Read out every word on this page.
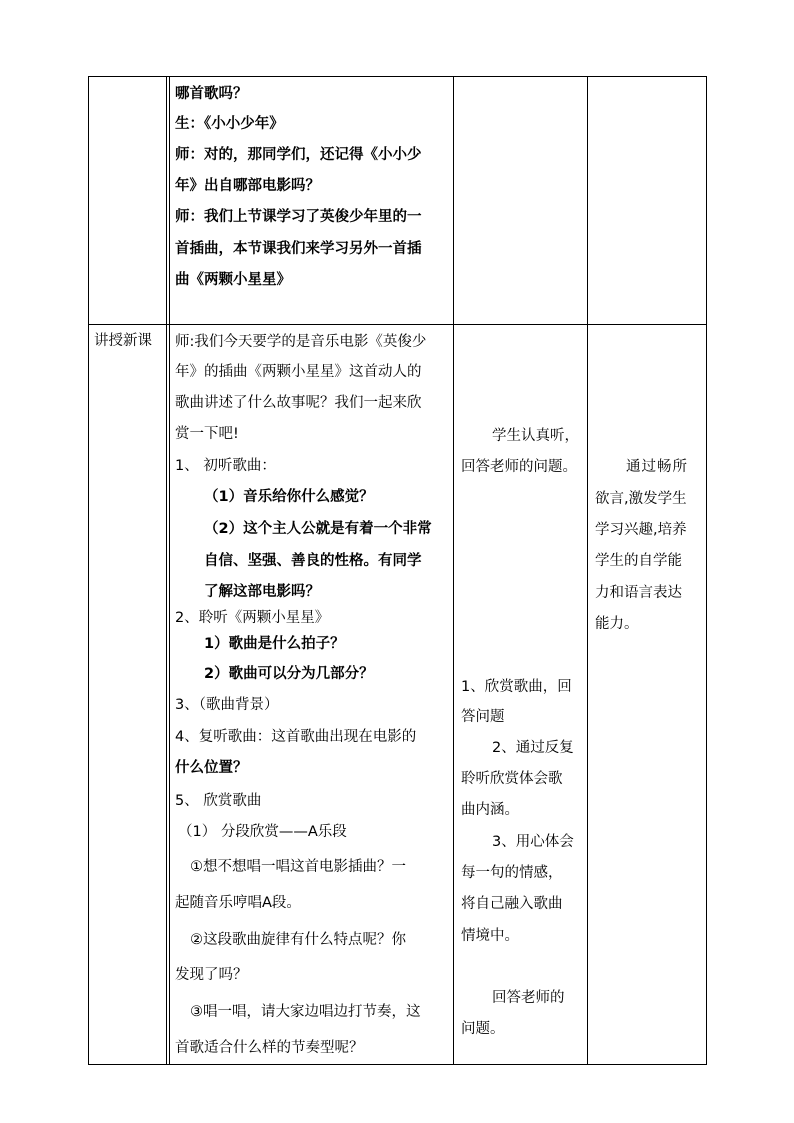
哪首歌吗？
生：《小小少年》
师：对的，那同学们，还记得《小小少
年》出自哪部电影吗？
师：我们上节课学习了英俊少年里的一
首插曲，本节课我们来学习另外一首插
曲《两颗小星星》
讲授新课 师:我们今天要学的是音乐电影《英俊少
年》的插曲《两颗小星星》这首动人的
歌曲讲述了什么故事呢？我们一起来欣
赏一下吧!
1、 初听歌曲：
（1）音乐给你什么感觉？
（2）这个主人公就是有着一个非常
自信、坚强、善良的性格。有同学
了解这部电影吗？
2、聆听《两颗小星星》
1）歌曲是什么拍子？
2）歌曲可以分为几部分？
3、（歌曲背景）
4、复听歌曲：这首歌曲出现在电影的
什么位置？
5、 欣赏歌曲
（1） 分段欣赏——A乐段
①想不想唱一唱这首电影插曲？一
起随音乐哼唱A段。
②这段歌曲旋律有什么特点呢？你
发现了吗？
③唱一唱，请大家边唱边打节奏，这
首歌适合什么样的节奏型呢？
学生认真听，
回答老师的问题。
1、欣赏歌曲，回
答问题
2、通过反复
聆听欣赏体会歌
曲内涵。
3、用心体会
每一句的情感，
将自己融入歌曲
情境中。
回答老师的
问题。
通过畅所
欲言,激发学生
学习兴趣,培养
学生的自学能
力和语言表达
能力。
